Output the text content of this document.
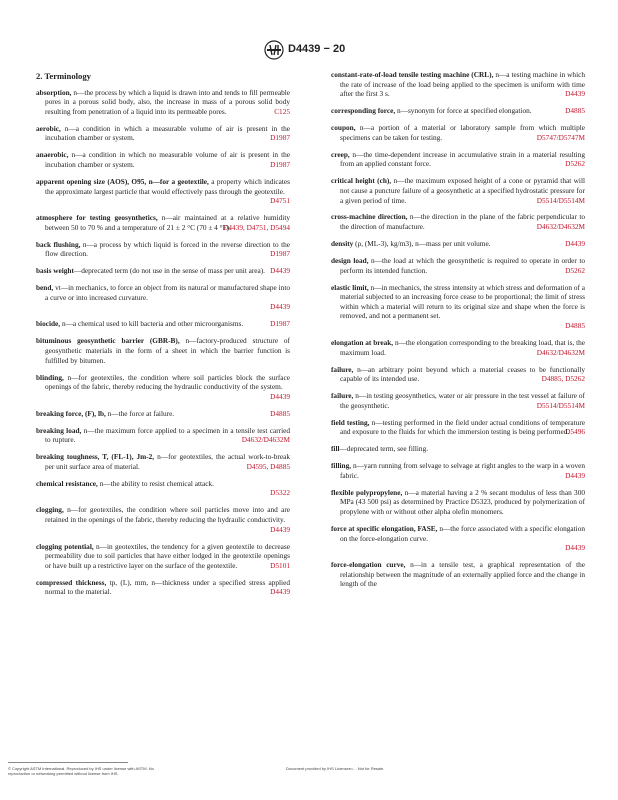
D4439 − 20
2. Terminology

absorption, n—the process by which a liquid is drawn into and tends to fill permeable pores in a porous solid body, also, the increase in mass of a porous solid body resulting from penetration of a liquid into its permeable pores.	C125

aerobic, n—a condition in which a measurable volume of air is present in the incubation chamber or system.	D1987

anaerobic, n—a condition in which no measurable volume of air is present in the incubation chamber or system.	D1987

apparent opening size (AOS), O95, n—for a geotextile, a property which indicates the approximate largest particle that would effectively pass through the geotextile.
D4751

atmosphere for testing geosynthetics, n—air maintained at a relative humidity between 50 to 70 % and a temperature of 21 ± 2 °C (70 ± 4 °F).
D4439, D4751, D5494

back flushing, n—a process by which liquid is forced in the reverse direction to the flow direction.	D1987

basis weight—deprecated term (do not use in the sense of mass per unit area). D4439

bend, vt—in mechanics, to force an object from its natural or manufactured shape into a curve or into increased curvature.
D4439

biocide, n—a chemical used to kill bacteria and other microorganisms.	D1987

bituminous geosynthetic barrier (GBR-B), n—factory-produced structure of geosynthetic materials in the form of a sheet in which the barrier function is fulfilled by bitumen.

blinding, n—for geotextiles, the condition where soil particles block the surface openings of the fabric, thereby reducing the hydraulic conductivity of the system.
D4439

breaking force, (F), lb, n—the force at failure.	D4885

breaking load, n—the maximum force applied to a specimen in a tensile test carried to rupture.	D4632/D4632M

breaking toughness, T, (FL-1), Jm-2, n—for geotextiles, the actual work-to-break per unit surface area of material.	D4595, D4885

chemical resistance, n—the ability to resist chemical attack.
D5322

clogging, n—for geotextiles, the condition where soil particles move into and are retained in the openings of the fabric, thereby reducing the hydraulic conductivity.
D4439

clogging potential, n—in geotextiles, the tendency for a given geotextile to decrease permeability due to soil particles that have either lodged in the geotextile openings or have built up a restrictive layer on the surface of the geotextile.	D5101

compressed thickness, tp, (L), mm, n—thickness under a specified stress applied normal to the material.	D4439

constant-rate-of-load tensile testing machine (CRL), n—a testing machine in which the rate of increase of the load being applied to the specimen is uniform with time after the first 3 s.	D4439

corresponding force, n—synonym for force at specified elongation.	D4885

coupon, n—a portion of a material or laboratory sample from which multiple specimens can be taken for testing.	D5747/D5747M

creep, n—the time-dependent increase in accumulative strain in a material resulting from an applied constant force.	D5262

critical height (ch), n—the maximum exposed height of a cone or pyramid that will not cause a puncture failure of a geosynthetic at a specified hydrostatic pressure for a given period of time.	D5514/D5514M

cross-machine direction, n—the direction in the plane of the fabric perpendicular to the direction of manufacture.	D4632/D4632M

density (ρ, (ML-3), kg/m3), n—mass per unit volume.	D4439

design load, n—the load at which the geosynthetic is required to operate in order to perform its intended function.	D5262

elastic limit, n—in mechanics, the stress intensity at which stress and deformation of a material subjected to an increasing force cease to be proportional; the limit of stress within which a material will return to its original size and shape when the force is removed, and not a permanent set.
D4885

elongation at break, n—the elongation corresponding to the breaking load, that is, the maximum load.	D4632/D4632M

failure, n—an arbitrary point beyond which a material ceases to be functionally capable of its intended use.	D4885, D5262

failure, n—in testing geosynthetics, water or air pressure in the test vessel at failure of the geosynthetic.	D5514/D5514M

field testing, n—testing performed in the field under actual conditions of temperature and exposure to the fluids for which the immersion testing is being performed.
D5496

fill—deprecated term, see filling.

filling, n—yarn running from selvage to selvage at right angles to the warp in a woven fabric.	D4439

flexible polypropylene, n—a material having a 2 % secant modulus of less than 300 MPa (43 500 psi) as determined by Practice D5323, produced by polymerization of propylene with or without other alpha olefin monomers.

force at specific elongation, FASE, n—the force associated with a specific elongation on the force-elongation curve.
D4439

force-elongation curve, n—in a tensile test, a graphical representation of the relationship between the magnitude of an externally applied force and the change in length of the

© Copyright ASTM International. Reproduced by IHS under license with ASTM. No reproduction or networking permitted without license from IHS.
Document provided by IHS Licensee=... Not for Resale.
